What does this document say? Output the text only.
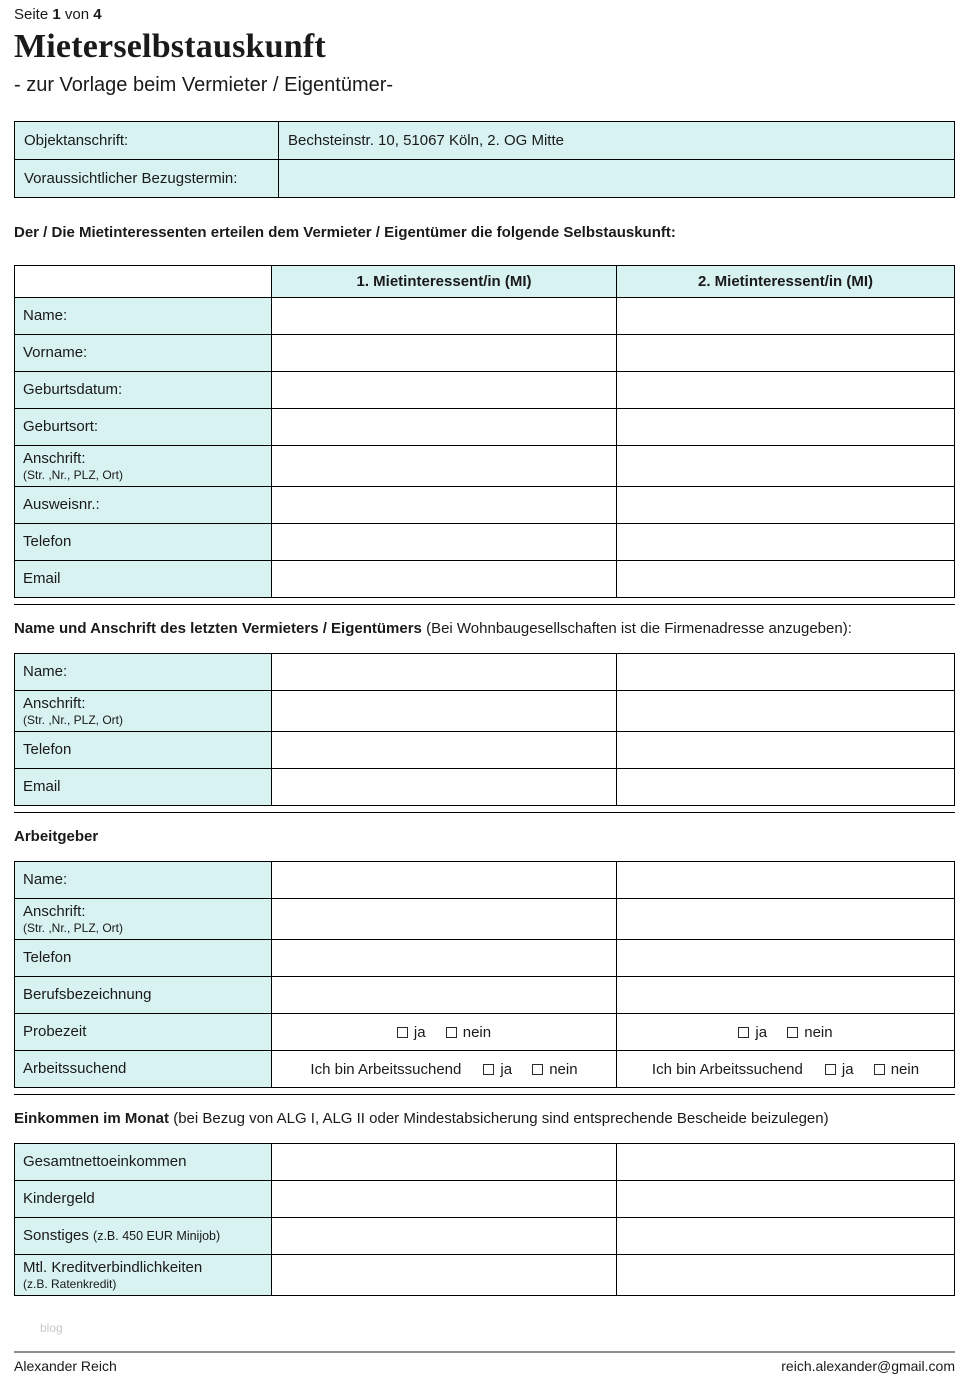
Seite 1 von 4
Mieterselbstauskunft
- zur Vorlage beim Vermieter / Eigentümer-
Objektanschrift:	Bechsteinstr. 10, 51067 Köln, 2. OG Mitte
Voraussichtlicher Bezugstermin:	

Der / Die Mietinteressenten erteilen dem Vermieter / Eigentümer die folgende Selbstauskunft:

	1. Mietinteressent/in (MI)	2. Mietinteressent/in (MI)
Name:		
Vorname:		
Geburtsdatum:		
Geburtsort:		
Anschrift:
(Str. ,Nr., PLZ, Ort)		

Ausweisnr.:		
Telefon		
Email		
Name und Anschrift des letzten Vermieters / Eigentümers (Bei Wohnbaugesellschaften ist die Firmenadresse anzugeben):
Name:		
Anschrift:
(Str. ,Nr., PLZ, Ort)		

Telefon		
Email		
Arbeitgeber
Name:		
Anschrift:
(Str. ,Nr., PLZ, Ort)		

Telefon		
Berufsbezeichnung		
Probezeit	ja nein	ja nein
Arbeitssuchend	Ich bin Arbeitssuchend ja nein	Ich bin Arbeitssuchend ja nein
Einkommen im Monat (bei Bezug von ALG I, ALG II oder Mindestabsicherung sind entsprechende Bescheide beizulegen)
Gesamtnettoeinkommen		
Kindergeld		
Sonstiges (z.B. 450 EUR Minijob)		
Mtl. Kreditverbindlichkeiten
(z.B. Ratenkredit)		

blog
Alexander Reich	reich.alexander@gmail.com
